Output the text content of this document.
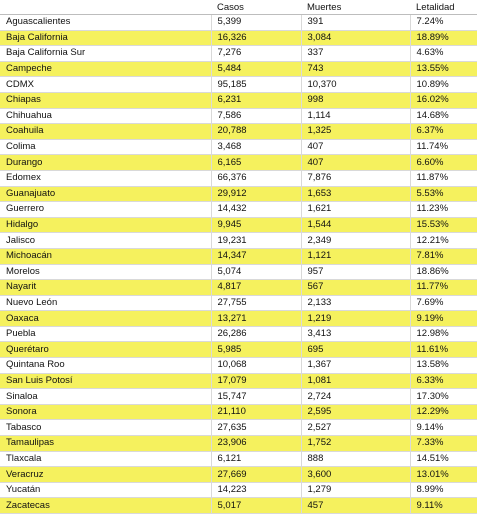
	Casos	Muertes	Letalidad
Aguascalientes	5,399	391	7.24%
Baja California	16,326	3,084	18.89%
Baja California Sur	7,276	337	4.63%
Campeche	5,484	743	13.55%
CDMX	95,185	10,370	10.89%
Chiapas	6,231	998	16.02%
Chihuahua	7,586	1,114	14.68%
Coahuila	20,788	1,325	6.37%
Colima	3,468	407	11.74%
Durango	6,165	407	6.60%
Edomex	66,376	7,876	11.87%
Guanajuato	29,912	1,653	5.53%
Guerrero	14,432	1,621	11.23%
Hidalgo	9,945	1,544	15.53%
Jalisco	19,231	2,349	12.21%
Michoacán	14,347	1,121	7.81%
Morelos	5,074	957	18.86%
Nayarit	4,817	567	11.77%
Nuevo León	27,755	2,133	7.69%
Oaxaca	13,271	1,219	9.19%
Puebla	26,286	3,413	12.98%
Querétaro	5,985	695	11.61%
Quintana Roo	10,068	1,367	13.58%
San Luis Potosí	17,079	1,081	6.33%
Sinaloa	15,747	2,724	17.30%
Sonora	21,110	2,595	12.29%
Tabasco	27,635	2,527	9.14%
Tamaulipas	23,906	1,752	7.33%
Tlaxcala	6,121	888	14.51%
Veracruz	27,669	3,600	13.01%
Yucatán	14,223	1,279	8.99%
Zacatecas	5,017	457	9.11%
